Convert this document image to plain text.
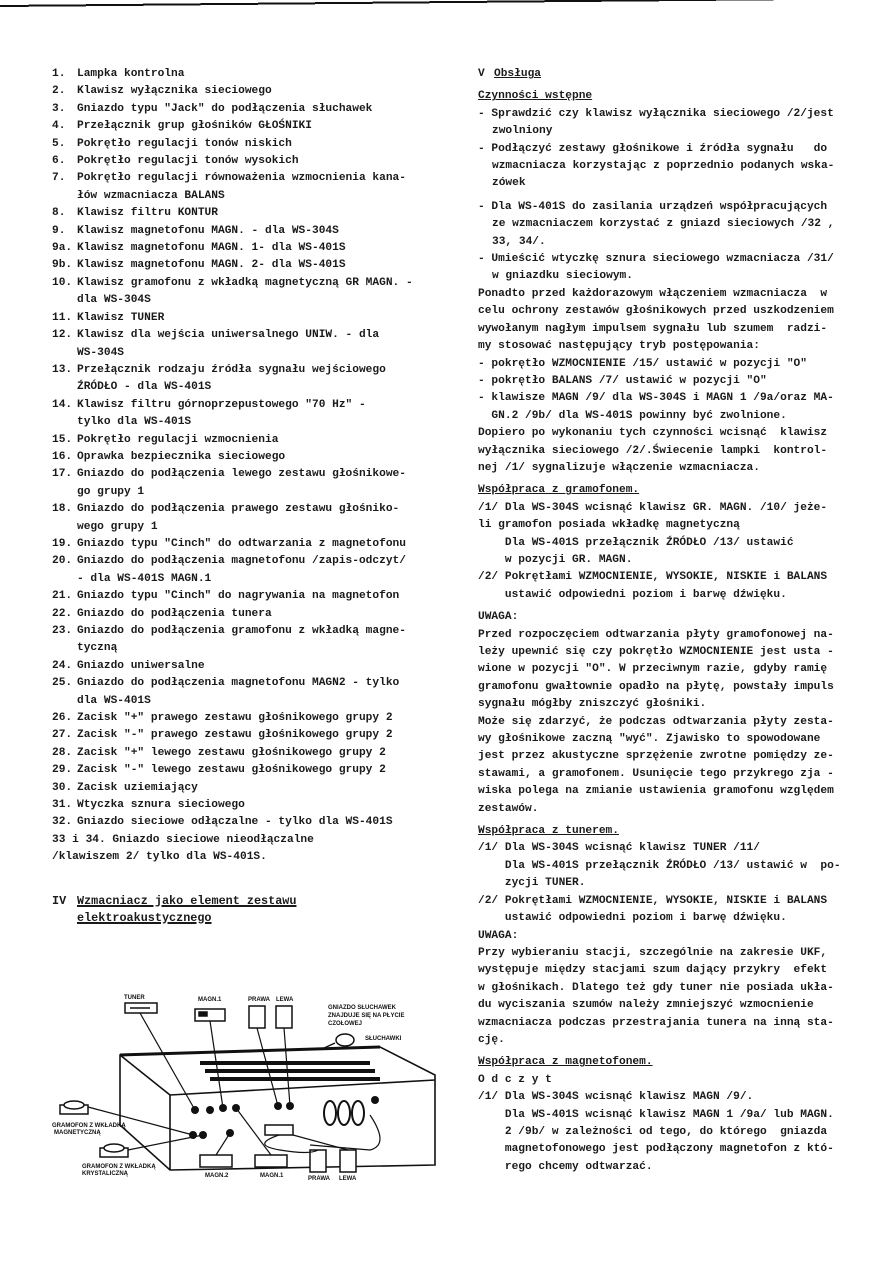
1.	Lampka kontrolna
2.	Klawisz wyłącznika sieciowego
3.	Gniazdo typu "Jack" do podłączenia słuchawek
4.	Przełącznik grup głośników GŁOŚNIKI
5.	Pokrętło regulacji tonów niskich
6.	Pokrętło regulacji tonów wysokich
7.	Pokrętło regulacji równoważenia wzmocnienia kana-
łów wzmacniacza BALANS
8.	Klawisz filtru KONTUR
9.	Klawisz magnetofonu MAGN. - dla WS-304S
9a. Klawisz magnetofonu MAGN. 1- dla WS-401S
9b. Klawisz magnetofonu MAGN. 2- dla WS-401S
10. Klawisz gramofonu z wkładką magnetyczną GR MAGN. -
dla WS-304S
11. Klawisz TUNER
12. Klawisz dla wejścia uniwersalnego UNIW. - dla
WS-304S
13. Przełącznik rodzaju źródła sygnału wejściowego
ŹRÓDŁO - dla WS-401S
14. Klawisz filtru górnoprzepustowego "70 Hz" -
tylko dla WS-401S
15. Pokrętło regulacji wzmocnienia
16. Oprawka bezpiecznika sieciowego
17. Gniazdo do podłączenia lewego zestawu głośnikowe-
go grupy 1
18. Gniazdo do podłączenia prawego zestawu głośniko-
wego grupy 1
19. Gniazdo typu "Cinch" do odtwarzania z magnetofonu
20. Gniazdo do podłączenia magnetofonu /zapis-odczyt/
- dla WS-401S MAGN.1
21. Gniazdo typu "Cinch" do nagrywania na magnetofon
22. Gniazdo do podłączenia tunera
23. Gniazdo do podłączenia gramofonu z wkładką magne-
tyczną
24. Gniazdo uniwersalne
25. Gniazdo do podłączenia magnetofonu MAGN2 - tylko
dla WS-401S
26. Zacisk "+" prawego zestawu głośnikowego grupy 2
27. Zacisk "-" prawego zestawu głośnikowego grupy 2
28. Zacisk "+" lewego zestawu głośnikowego grupy 2
29. Zacisk "-" lewego zestawu głośnikowego grupy 2
30. Zacisk uziemiający
31. Wtyczka sznura sieciowego
32. Gniazdo sieciowe odłączalne - tylko dla WS-401S
33 i 34. Gniazdo sieciowe nieodłączalne
/klawiszem 2/ tylko dla WS-401S.
IV Wzmacniacz jako element zestawu
elektroakustycznego
TUNER	MAGN.1	PRAWA LEWA
GNIAZDO SŁUCHAWEK
ZNAJDUJE SIĘ NA PŁYCIE
CZOŁOWEJ
SŁUCHAWKI
GRAMOFON Z WKŁADKĄ
MAGNETYCZNĄ
GRAMOFON Z WKŁADKĄ
KRYSTALICZNĄ	MAGN.2	MAGN.1	PRAWA LEWA
V Obsługa
Czynności wstępne
- Sprawdzić czy klawisz wyłącznika sieciowego /2/jest
zwolniony
- Podłączyć zestawy głośnikowe i źródła sygnału   do
wzmacniacza korzystając z poprzednio podanych wska-
zówek
- Dla WS-401S do zasilania urządzeń współpracujących
ze wzmacniaczem korzystać z gniazd sieciowych /32 ,
33, 34/.
- Umieścić wtyczkę sznura sieciowego wzmacniacza /31/
w gniazdku sieciowym.
Ponadto przed każdorazowym włączeniem wzmacniacza  w
celu ochrony zestawów głośnikowych przed uszkodzeniem
wywołanym nagłym impulsem sygnału lub szumem  radzi-
my stosować następujący tryb postępowania:
- pokrętło WZMOCNIENIE /15/ ustawić w pozycji "O"
- pokrętło BALANS /7/ ustawić w pozycji "O"
- klawisze MAGN /9/ dla WS-304S i MAGN 1 /9a/oraz MA-
GN.2 /9b/ dla WS-401S powinny być zwolnione.
Dopiero po wykonaniu tych czynności wcisnąć  klawisz
wyłącznika sieciowego /2/.Świecenie lampki  kontrol-
nej /1/ sygnalizuje włączenie wzmacniacza.
Współpraca z gramofonem.
/1/ Dla WS-304S wcisnąć klawisz GR. MAGN. /10/ jeże-
li gramofon posiada wkładkę magnetyczną
Dla WS-401S przełącznik ŹRÓDŁO /13/ ustawić
w pozycji GR. MAGN.
/2/ Pokrętłami WZMOCNIENIE, WYSOKIE, NISKIE i BALANS
ustawić odpowiedni poziom i barwę dźwięku.
UWAGA:
Przed rozpoczęciem odtwarzania płyty gramofonowej na-
leży upewnić się czy pokrętło WZMOCNIENIE jest usta -
wione w pozycji "O". W przeciwnym razie, gdyby ramię
gramofonu gwałtownie opadło na płytę, powstały impuls
sygnału mógłby zniszczyć głośniki.
Może się zdarzyć, że podczas odtwarzania płyty zesta-
wy głośnikowe zaczną "wyć". Zjawisko to spowodowane
jest przez akustyczne sprzężenie zwrotne pomiędzy ze-
stawami, a gramofonem. Usunięcie tego przykrego zja -
wiska polega na zmianie ustawienia gramofonu względem
zestawów.
Współpraca z tunerem.
/1/ Dla WS-304S wcisnąć klawisz TUNER /11/
Dla WS-401S przełącznik ŹRÓDŁO /13/ ustawić w  po-
zycji TUNER.
/2/ Pokrętłami WZMOCNIENIE, WYSOKIE, NISKIE i BALANS
ustawić odpowiedni poziom i barwę dźwięku.
UWAGA:
Przy wybieraniu stacji, szczególnie na zakresie UKF,
występuje między stacjami szum dający przykry  efekt
w głośnikach. Dlatego też gdy tuner nie posiada ukła-
du wyciszania szumów należy zmniejszyć wzmocnienie
wzmacniacza podczas przestrajania tunera na inną sta-
cję.
Współpraca z magnetofonem.
O d c z y t
/1/ Dla WS-304S wcisnąć klawisz MAGN /9/.
Dla WS-401S wcisnąć klawisz MAGN 1 /9a/ lub MAGN.
2 /9b/ w zależności od tego, do którego  gniazda
magnetofonowego jest podłączony magnetofon z któ-
rego chcemy odtwarzać.
